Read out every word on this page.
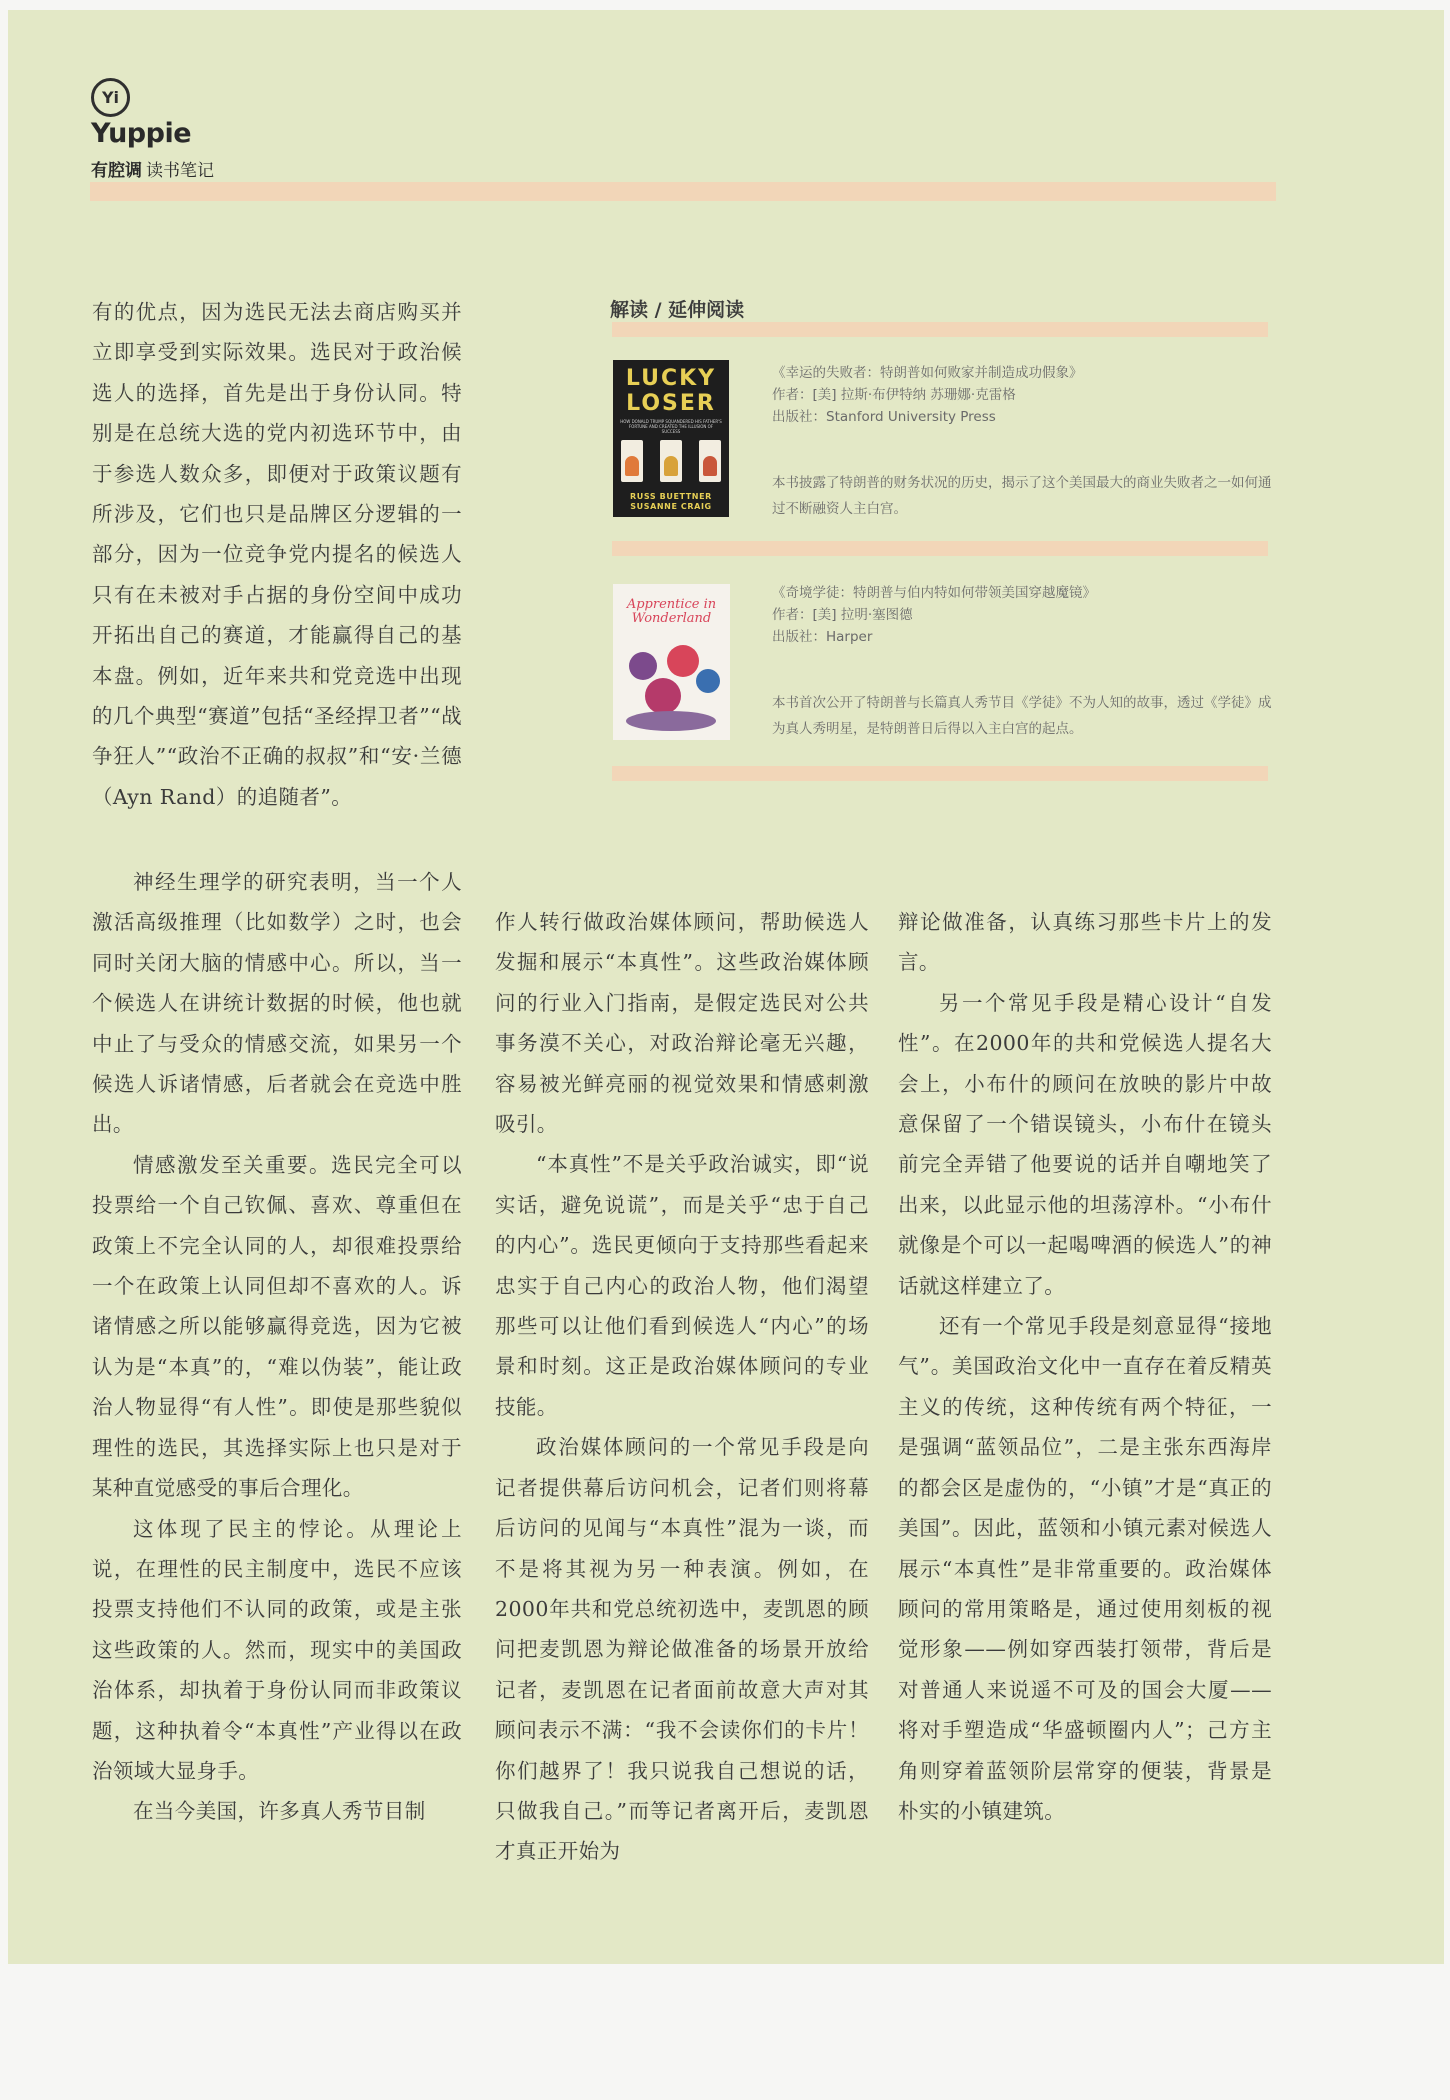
Yi
Yuppie
有腔调 读书笔记

有的优点，因为选民无法去商店购买并立即享受到实际效果。选民对于政治候选人的选择，首先是出于身份认同。特别是在总统大选的党内初选环节中，由于参选人数众多，即便对于政策议题有所涉及，它们也只是品牌区分逻辑的一部分，因为一位竞争党内提名的候选人只有在未被对手占据的身份空间中成功开拓出自己的赛道，才能赢得自己的基本盘。例如，近年来共和党竞选中出现的几个典型“赛道”包括“圣经捍卫者”“战争狂人”“政治不正确的叔叔”和“安·兰德（Ayn Rand）的追随者”。

神经生理学的研究表明，当一个人激活高级推理（比如数学）之时，也会同时关闭大脑的情感中心。所以，当一个候选人在讲统计数据的时候，他也就中止了与受众的情感交流，如果另一个候选人诉诸情感，后者就会在竞选中胜出。

情感激发至关重要。选民完全可以投票给一个自己钦佩、喜欢、尊重但在政策上不完全认同的人，却很难投票给一个在政策上认同但却不喜欢的人。诉诸情感之所以能够赢得竞选，因为它被认为是“本真”的，“难以伪装”，能让政治人物显得“有人性”。即使是那些貌似理性的选民，其选择实际上也只是对于某种直觉感受的事后合理化。

这体现了民主的悖论。从理论上说，在理性的民主制度中，选民不应该投票支持他们不认同的政策，或是主张这些政策的人。然而，现实中的美国政治体系，却执着于身份认同而非政策议题，这种执着令“本真性”产业得以在政治领域大显身手。

在当今美国，许多真人秀节目制

解读 / 延伸阅读
LUCKY LOSER
HOW DONALD TRUMP SQUANDERED HIS FATHER'S FORTUNE AND CREATED THE ILLUSION OF SUCCESS
RUSS BUETTNER SUSANNE CRAIG
《幸运的失败者：特朗普如何败家并制造成功假象》
作者：[美] 拉斯·布伊特纳 苏珊娜·克雷格
出版社：Stanford University Press
本书披露了特朗普的财务状况的历史，揭示了这个美国最大的商业失败者之一如何通过不断融资人主白宫。
Apprentice in Wonderland
《奇境学徒：特朗普与伯内特如何带领美国穿越魔镜》
作者：[美] 拉明·塞图德
出版社：Harper
本书首次公开了特朗普与长篇真人秀节目《学徒》不为人知的故事，透过《学徒》成为真人秀明星，是特朗普日后得以入主白宫的起点。

作人转行做政治媒体顾问，帮助候选人发掘和展示“本真性”。这些政治媒体顾问的行业入门指南，是假定选民对公共事务漠不关心，对政治辩论毫无兴趣，容易被光鲜亮丽的视觉效果和情感刺激吸引。

“本真性”不是关乎政治诚实，即“说实话，避免说谎”，而是关乎“忠于自己的内心”。选民更倾向于支持那些看起来忠实于自己内心的政治人物，他们渴望那些可以让他们看到候选人“内心”的场景和时刻。这正是政治媒体顾问的专业技能。

政治媒体顾问的一个常见手段是向记者提供幕后访问机会，记者们则将幕后访问的见闻与“本真性”混为一谈，而不是将其视为另一种表演。例如，在2000年共和党总统初选中，麦凯恩的顾问把麦凯恩为辩论做准备的场景开放给记者，麦凯恩在记者面前故意大声对其顾问表示不满：“我不会读你们的卡片！你们越界了！我只说我自己想说的话，只做我自己。”而等记者离开后，麦凯恩才真正开始为

辩论做准备，认真练习那些卡片上的发言。

另一个常见手段是精心设计“自发性”。在2000年的共和党候选人提名大会上，小布什的顾问在放映的影片中故意保留了一个错误镜头，小布什在镜头前完全弄错了他要说的话并自嘲地笑了出来，以此显示他的坦荡淳朴。“小布什就像是个可以一起喝啤酒的候选人”的神话就这样建立了。

还有一个常见手段是刻意显得“接地气”。美国政治文化中一直存在着反精英主义的传统，这种传统有两个特征，一是强调“蓝领品位”，二是主张东西海岸的都会区是虚伪的，“小镇”才是“真正的美国”。因此，蓝领和小镇元素对候选人展示“本真性”是非常重要的。政治媒体顾问的常用策略是，通过使用刻板的视觉形象——例如穿西装打领带，背后是对普通人来说遥不可及的国会大厦——将对手塑造成“华盛顿圈内人”；己方主角则穿着蓝领阶层常穿的便装，背景是朴实的小镇建筑。
